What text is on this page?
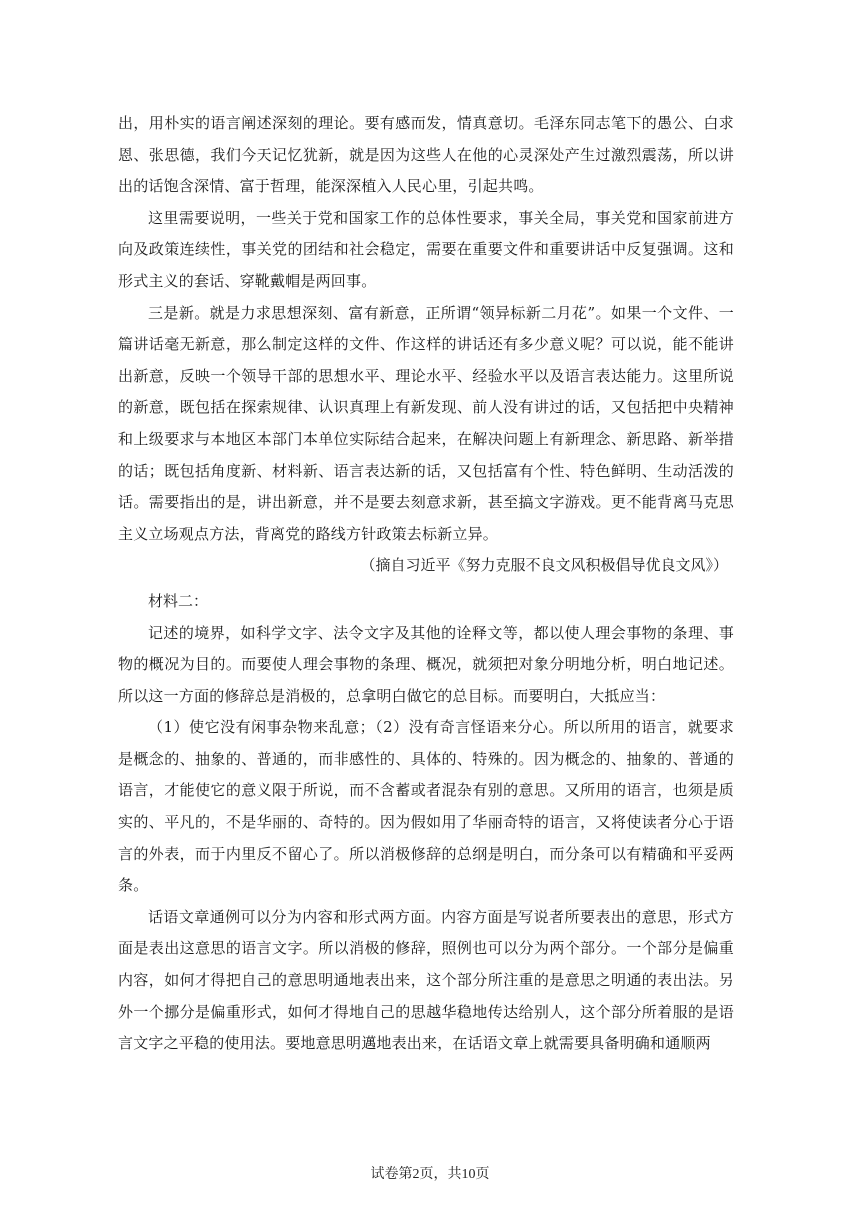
出，用朴实的语言阐述深刻的理论。要有感而发，情真意切。毛泽东同志笔下的愚公、白求恩、张思德，我们今天记忆犹新，就是因为这些人在他的心灵深处产生过激烈震荡，所以讲出的话饱含深情、富于哲理，能深深植入人民心里，引起共鸣。

这里需要说明，一些关于党和国家工作的总体性要求，事关全局，事关党和国家前进方向及政策连续性，事关党的团结和社会稳定，需要在重要文件和重要讲话中反复强调。这和形式主义的套话、穿靴戴帽是两回事。

三是新。就是力求思想深刻、富有新意，正所谓“领异标新二月花”。如果一个文件、一篇讲话毫无新意，那么制定这样的文件、作这样的讲话还有多少意义呢？可以说，能不能讲出新意，反映一个领导干部的思想水平、理论水平、经验水平以及语言表达能力。这里所说的新意，既包括在探索规律、认识真理上有新发现、前人没有讲过的话，又包括把中央精神和上级要求与本地区本部门本单位实际结合起来，在解决问题上有新理念、新思路、新举措的话；既包括角度新、材料新、语言表达新的话，又包括富有个性、特色鲜明、生动活泼的话。需要指出的是，讲出新意，并不是要去刻意求新，甚至搞文字游戏。更不能背离马克思主义立场观点方法，背离党的路线方针政策去标新立异。

（摘自习近平《努力克服不良文风积极倡导优良文风》）

材料二：

记述的境界，如科学文字、法令文字及其他的诠释文等，都以使人理会事物的条理、事物的概况为目的。而要使人理会事物的条理、概况，就须把对象分明地分析，明白地记述。所以这一方面的修辞总是消极的，总拿明白做它的总目标。而要明白，大抵应当：

（1）使它没有闲事杂物来乱意；（2）没有奇言怪语来分心。所以所用的语言，就要求是概念的、抽象的、普通的，而非感性的、具体的、特殊的。因为概念的、抽象的、普通的语言，才能使它的意义限于所说，而不含蓄或者混杂有别的意思。又所用的语言，也须是质实的、平凡的，不是华丽的、奇特的。因为假如用了华丽奇特的语言，又将使读者分心于语言的外表，而于内里反不留心了。所以消极修辞的总纲是明白，而分条可以有精确和平妥两条。

话语文章通例可以分为内容和形式两方面。内容方面是写说者所要表出的意思，形式方面是表出这意思的语言文字。所以消极的修辞，照例也可以分为两个部分。一个部分是偏重内容，如何才得把自己的意思明通地表出来，这个部分所注重的是意思之明通的表出法。另外一个挪分是偏重形式，如何才得地自己的思越华稳地传达给别人，这个部分所着服的是语言文字之平稳的使用法。要地意思明邁地表出来，在话语文章上就需要具备明确和通顺两

试卷第2页，共10页
